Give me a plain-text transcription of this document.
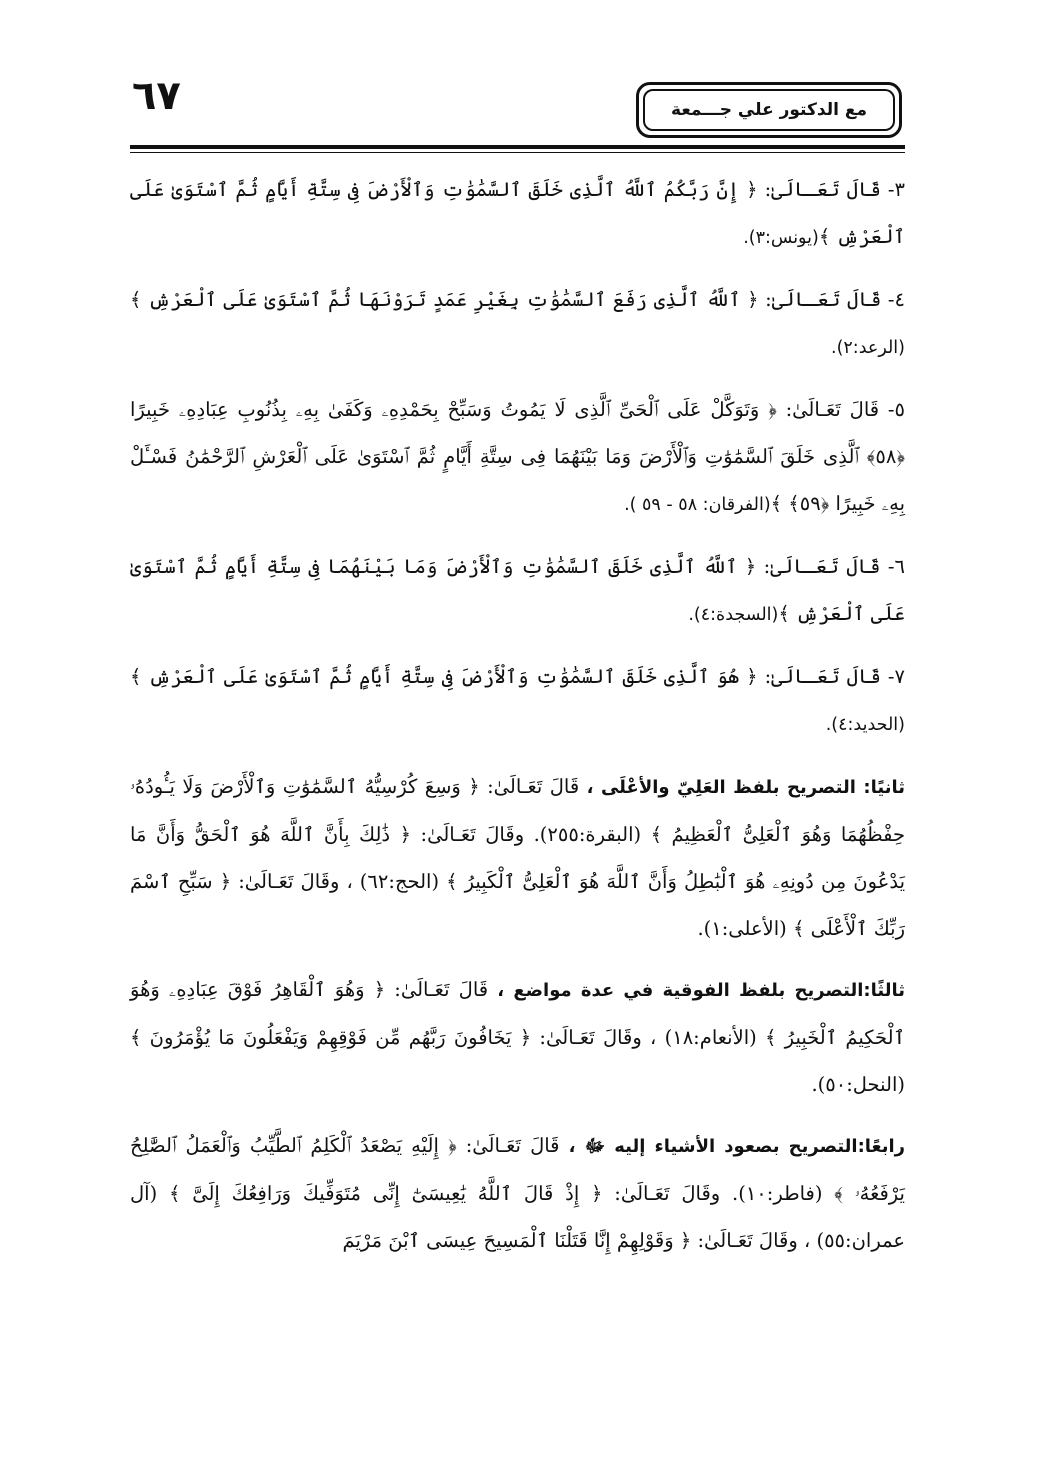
٦٧	مع الدكتور علي جـــمعة

٣- قَالَ تَعَـالَىٰ: ﴿ إِنَّ رَبَّكُمُ ٱللَّهُ ٱلَّذِى خَلَقَ ٱلسَّمَٰوَٰتِ وَٱلْأَرْضَ فِى سِتَّةِ أَيَّامٍ ثُمَّ ٱسْتَوَىٰ عَلَى ٱلْعَرْشِ ﴾(يونس:٣).

٤- قَالَ تَعَـالَىٰ: ﴿ ٱللَّهُ ٱلَّذِى رَفَعَ ٱلسَّمَٰوَٰتِ بِغَيْرِ عَمَدٍ تَرَوْنَهَا ثُمَّ ٱسْتَوَىٰ عَلَى ٱلْعَرْشِ ﴾(الرعد:٢).

٥- قَالَ تَعَـالَىٰ: ﴿ وَتَوَكَّلْ عَلَى ٱلْحَىِّ ٱلَّذِى لَا يَمُوتُ وَسَبِّحْ بِحَمْدِهِۦ وَكَفَىٰ بِهِۦ بِذُنُوبِ عِبَادِهِۦ خَبِيرًا ﴿٥٨﴾ ٱلَّذِى خَلَقَ ٱلسَّمَٰوَٰتِ وَٱلْأَرْضَ وَمَا بَيْنَهُمَا فِى سِتَّةِ أَيَّامٍ ثُمَّ ٱسْتَوَىٰ عَلَى ٱلْعَرْشِ ٱلرَّحْمَٰنُ فَسْـَٔلْ بِهِۦ خَبِيرًا ﴿٥٩﴾ ﴾(الفرقان: ٥٨ - ٥٩ ).

٦- قَالَ تَعَـالَىٰ: ﴿ ٱللَّهُ ٱلَّذِى خَلَقَ ٱلسَّمَٰوَٰتِ وَٱلْأَرْضَ وَمَا بَيْنَهُمَا فِى سِتَّةِ أَيَّامٍ ثُمَّ ٱسْتَوَىٰ عَلَى ٱلْعَرْشِ ﴾(السجدة:٤).

٧- قَالَ تَعَـالَىٰ: ﴿ هُوَ ٱلَّذِى خَلَقَ ٱلسَّمَٰوَٰتِ وَٱلْأَرْضَ فِى سِتَّةِ أَيَّامٍ ثُمَّ ٱسْتَوَىٰ عَلَى ٱلْعَرْشِ ﴾(الحديد:٤).

ثانيًا: التصريح بلفظ العَلِيّ والأعْلَى ، قَالَ تَعَـالَىٰ: ﴿ وَسِعَ كُرْسِيُّهُ ٱلسَّمَٰوَٰتِ وَٱلْأَرْضَ وَلَا يَـُٔودُهُۥ حِفْظُهُمَا وَهُوَ ٱلْعَلِىُّ ٱلْعَظِيمُ ﴾ (البقرة:٢٥٥). وقَالَ تَعَـالَىٰ: ﴿ ذَٰلِكَ بِأَنَّ ٱللَّهَ هُوَ ٱلْحَقُّ وَأَنَّ مَا يَدْعُونَ مِن دُونِهِۦ هُوَ ٱلْبَٰطِلُ وَأَنَّ ٱللَّهَ هُوَ ٱلْعَلِىُّ ٱلْكَبِيرُ ﴾ (الحج:٦٢) ، وقَالَ تَعَـالَىٰ: ﴿ سَبِّحِ ٱسْمَ رَبِّكَ ٱلْأَعْلَى ﴾ (الأعلى:١).

ثالثًا:التصريح بلفظ الفوقية في عدة مواضع ، قَالَ تَعَـالَىٰ: ﴿ وَهُوَ ٱلْقَاهِرُ فَوْقَ عِبَادِهِۦ وَهُوَ ٱلْحَكِيمُ ٱلْخَبِيرُ ﴾ (الأنعام:١٨) ، وقَالَ تَعَـالَىٰ: ﴿ يَخَافُونَ رَبَّهُم مِّن فَوْقِهِمْ وَيَفْعَلُونَ مَا يُؤْمَرُونَ ﴾ (النحل:٥٠).

رابعًا:التصريح بصعود الأشياء إليه ﷻ ، قَالَ تَعَـالَىٰ: ﴿ إِلَيْهِ يَصْعَدُ ٱلْكَلِمُ ٱلطَّيِّبُ وَٱلْعَمَلُ ٱلصَّٰلِحُ يَرْفَعُهُۥ ﴾ (فاطر:١٠). وقَالَ تَعَـالَىٰ: ﴿ إِذْ قَالَ ٱللَّهُ يَٰعِيسَىٰٓ إِنِّى مُتَوَفِّيكَ وَرَافِعُكَ إِلَىَّ ﴾ (آل عمران:٥٥) ، وقَالَ تَعَـالَىٰ: ﴿ وَقَوْلِهِمْ إِنَّا قَتَلْنَا ٱلْمَسِيحَ عِيسَى ٱبْنَ مَرْيَمَ
